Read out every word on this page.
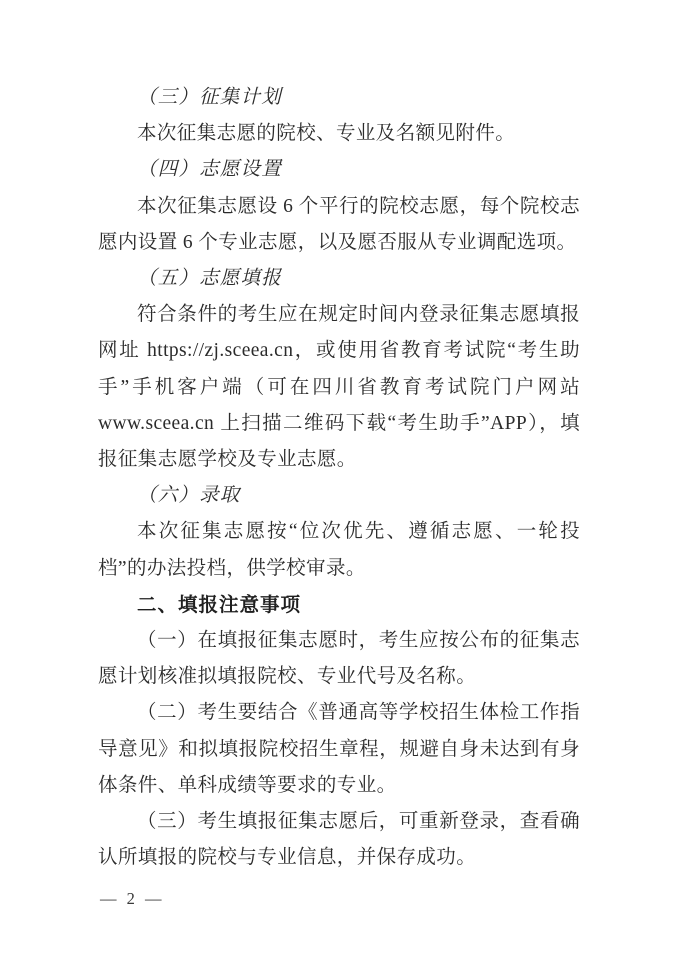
（三）征集计划

本次征集志愿的院校、专业及名额见附件。

（四）志愿设置

本次征集志愿设 6 个平行的院校志愿，每个院校志愿内设置 6 个专业志愿，以及愿否服从专业调配选项。

（五）志愿填报

符合条件的考生应在规定时间内登录征集志愿填报网址 https://zj.sceea.cn，或使用省教育考试院“考生助手”手机客户端（可在四川省教育考试院门户网站 www.sceea.cn 上扫描二维码下载“考生助手”APP），填报征集志愿学校及专业志愿。

（六）录取

本次征集志愿按“位次优先、遵循志愿、一轮投档”的办法投档，供学校审录。

二、填报注意事项

（一）在填报征集志愿时，考生应按公布的征集志愿计划核准拟填报院校、专业代号及名称。

（二）考生要结合《普通高等学校招生体检工作指导意见》和拟填报院校招生章程，规避自身未达到有身体条件、单科成绩等要求的专业。

（三）考生填报征集志愿后，可重新登录，查看确认所填报的院校与专业信息，并保存成功。

— 2 —
